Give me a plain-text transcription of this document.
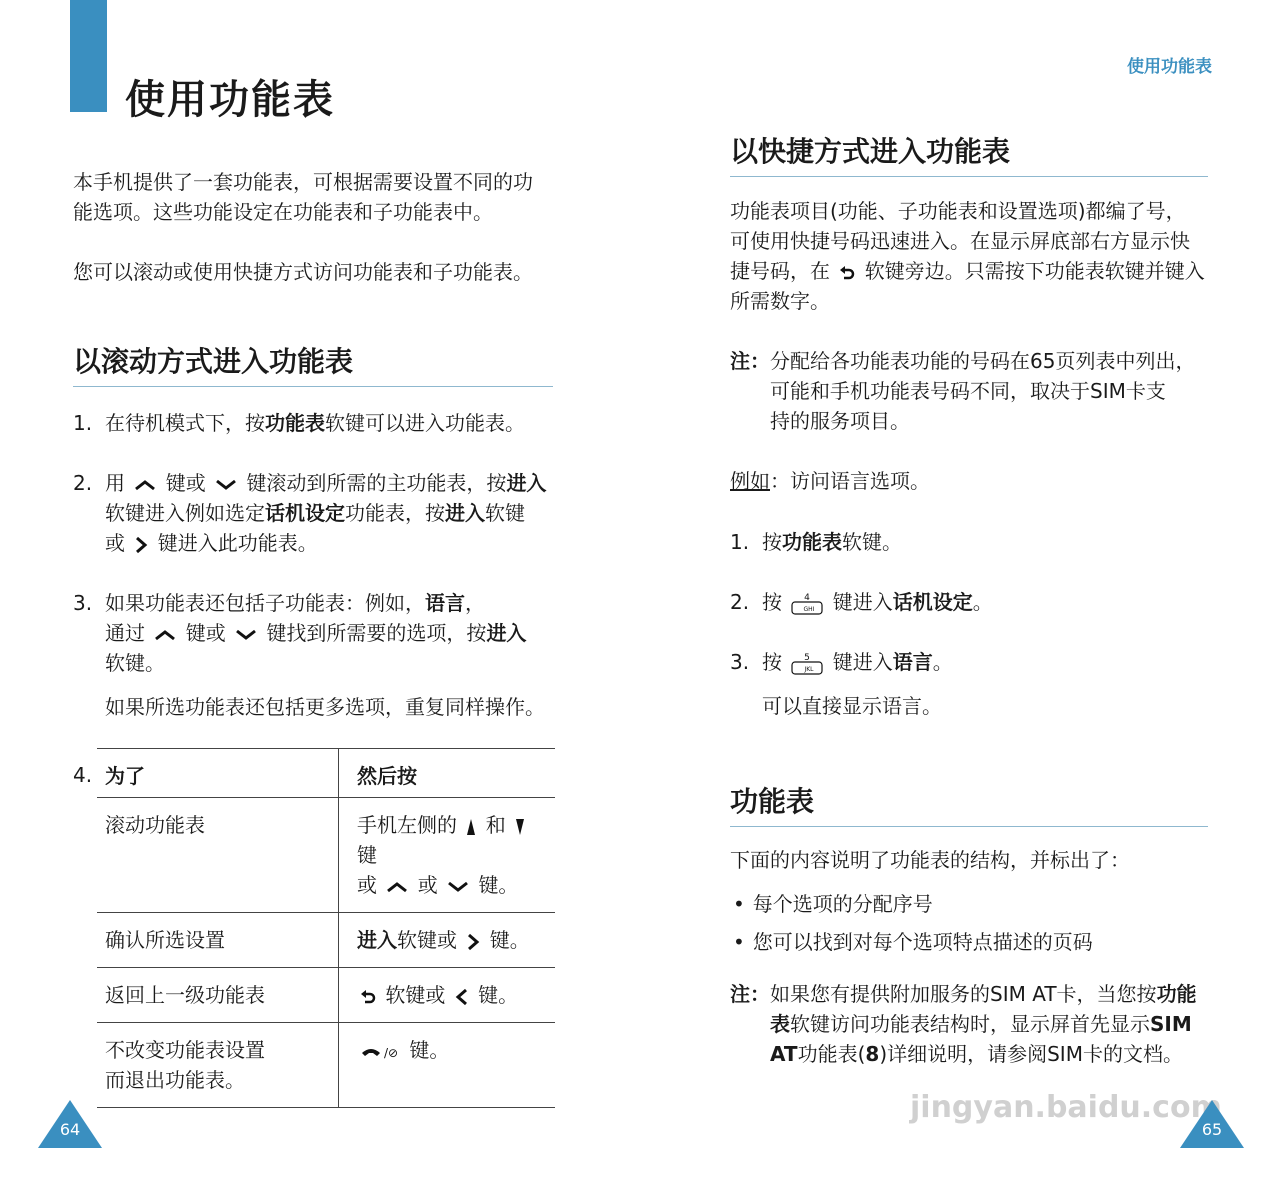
使用功能表

本手机提供了一套功能表，可根据需要设置不同的功能选项。这些功能设定在功能表和子功能表中。

您可以滚动或使用快捷方式访问功能表和子功能表。

以滚动方式进入功能表
1. 在待机模式下，按功能表软键可以进入功能表。
2. 用 键或 键滚动到所需的主功能表，按进入
软键进入例如选定话机设定功能表，按进入软键
或 键进入此功能表。
3. 如果功能表还包括子功能表：例如，语言，
通过 键或 键找到所需要的选项，按进入
软键。
如果所选功能表还包括更多选项，重复同样操作。
4. 为了	然后按
滚动功能表	手机左侧的 和  键
或 或 键。
确认所选设置	进入软键或 键。
返回上一级功能表	软键或 键。
不改变功能表设置
而退出功能表。	/⊘ 键。
64
使用功能表
以快捷方式进入功能表
功能表项目(功能、子功能表和设置选项)都编了号，
可使用快捷号码迅速进入。在显示屏底部右方显示快
捷号码，在 软键旁边。只需按下功能表软键并键入
所需数字。
注：分配给各功能表功能的号码在65页列表中列出，
可能和手机功能表号码不同，取决于SIM卡支
持的服务项目。
例如：访问语言选项。
1. 按功能表软键。
2. 按 4
GHI 键进入话机设定。
3. 按 5
JKL 键进入语言。
可以直接显示语言。
功能表

下面的内容说明了功能表的结构，并标出了：

• 每个选项的分配序号
• 您可以找到对每个选项特点描述的页码
注：如果您有提供附加服务的SIM AT卡，当您按功能
表软键访问功能表结构时，显示屏首先显示SIM
AT功能表(8)详细说明，请参阅SIM卡的文档。
jingyan.baidu.com
65
